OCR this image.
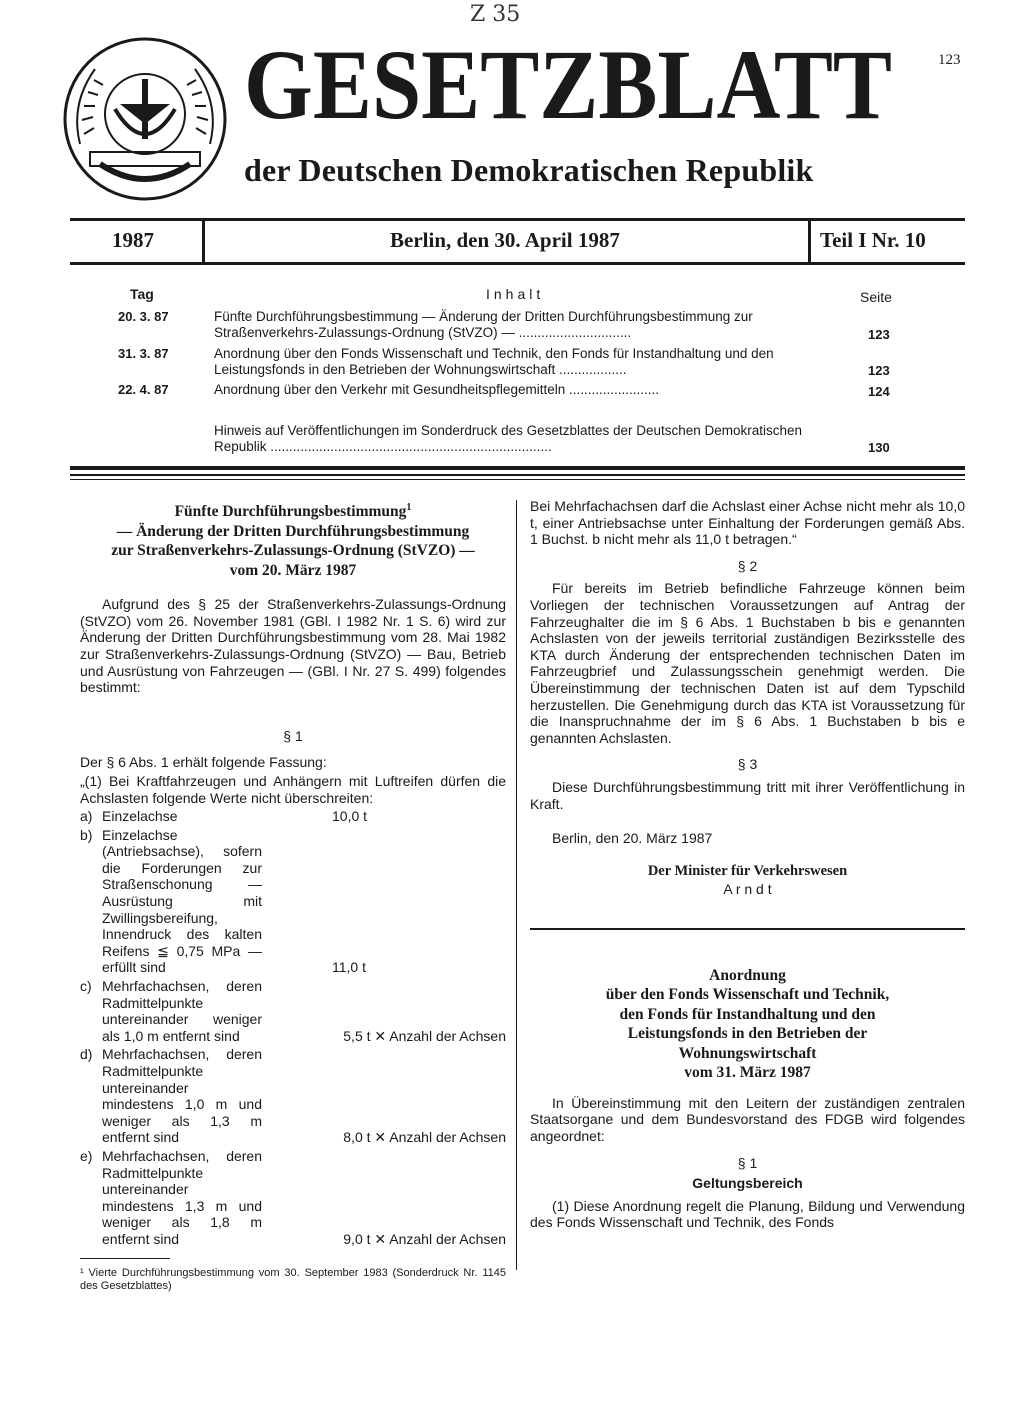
Z 35
123
GESETZBLATT
der Deutschen Demokratischen Republik
1987	Berlin, den 30. April 1987	Teil I Nr. 10
Tag	Inhalt	Seite
20. 3. 87	Fünfte Durchführungsbestimmung — Änderung der Dritten Durchführungsbestimmung zur Straßenverkehrs-Zulassungs-Ordnung (StVZO) — ..............................	123
31. 3. 87	Anordnung über den Fonds Wissenschaft und Technik, den Fonds für Instandhaltung und den Leistungsfonds in den Betrieben der Wohnungswirtschaft ..................	123
22. 4. 87	Anordnung über den Verkehr mit Gesundheitspflegemitteln ........................	124
Hinweis auf Veröffentlichungen im Sonderdruck des Gesetzblattes der Deutschen Demokratischen Republik ...........................................................................	130
Fünfte Durchführungsbestimmung$^1$
— Änderung der Dritten Durchführungsbestimmung
zur Straßenverkehrs-Zulassungs-Ordnung (StVZO) —
vom 20. März 1987

Aufgrund des § 25 der Straßenverkehrs-Zulassungs-Ordnung (StVZO) vom 26. November 1981 (GBl. I 1982 Nr. 1 S. 6) wird zur Änderung der Dritten Durchführungsbestimmung vom 28. Mai 1982 zur Straßenverkehrs-Zulassungs-Ordnung (StVZO) — Bau, Betrieb und Ausrüstung von Fahrzeugen — (GBl. I Nr. 27 S. 499) folgendes bestimmt:

§ 1

Der § 6 Abs. 1 erhält folgende Fassung:

„(1) Bei Kraftfahrzeugen und Anhängern mit Luftreifen dürfen die Achslasten folgende Werte nicht überschreiten:

a) Einzelachse	10,0 t
b) Einzelachse (Antriebsachse), sofern die Forderungen zur Straßenschonung — Ausrüstung mit Zwillingsbereifung, Innendruck des kalten Reifens ≦ 0,75 MPa — erfüllt sind	11,0 t
c) Mehrfachachsen, deren Radmittelpunkte untereinander weniger als 1,0 m entfernt sind	5,5 t ✕ Anzahl der Achsen
d) Mehrfachachsen, deren Radmittelpunkte untereinander mindestens 1,0 m und weniger als 1,3 m entfernt sind	8,0 t ✕ Anzahl der Achsen
e) Mehrfachachsen, deren Radmittelpunkte untereinander mindestens 1,3 m und weniger als 1,8 m entfernt sind	9,0 t ✕ Anzahl der Achsen

¹ Vierte Durchführungsbestimmung vom 30. September 1983 (Sonderdruck Nr. 1145 des Gesetzblattes)

Bei Mehrfachachsen darf die Achslast einer Achse nicht mehr als 10,0 t, einer Antriebsachse unter Einhaltung der Forderungen gemäß Abs. 1 Buchst. b nicht mehr als 11,0 t betragen.“

§ 2

Für bereits im Betrieb befindliche Fahrzeuge können beim Vorliegen der technischen Voraussetzungen auf Antrag der Fahrzeughalter die im § 6 Abs. 1 Buchstaben b bis e genannten Achslasten von der jeweils territorial zuständigen Bezirksstelle des KTA durch Änderung der entsprechenden technischen Daten im Fahrzeugbrief und Zulassungsschein genehmigt werden. Die Übereinstimmung der technischen Daten ist auf dem Typschild herzustellen. Die Genehmigung durch das KTA ist Voraussetzung für die Inanspruchnahme der im § 6 Abs. 1 Buchstaben b bis e genannten Achslasten.

§ 3

Diese Durchführungsbestimmung tritt mit ihrer Veröffentlichung in Kraft.

Berlin, den 20. März 1987

Der Minister für Verkehrswesen

A r n d t

Anordnung
über den Fonds Wissenschaft und Technik,
den Fonds für Instandhaltung und den
Leistungsfonds in den Betrieben der
Wohnungswirtschaft
vom 31. März 1987

In Übereinstimmung mit den Leitern der zuständigen zentralen Staatsorgane und dem Bundesvorstand des FDGB wird folgendes angeordnet:

§ 1

Geltungsbereich

(1) Diese Anordnung regelt die Planung, Bildung und Verwendung des Fonds Wissenschaft und Technik, des Fonds
